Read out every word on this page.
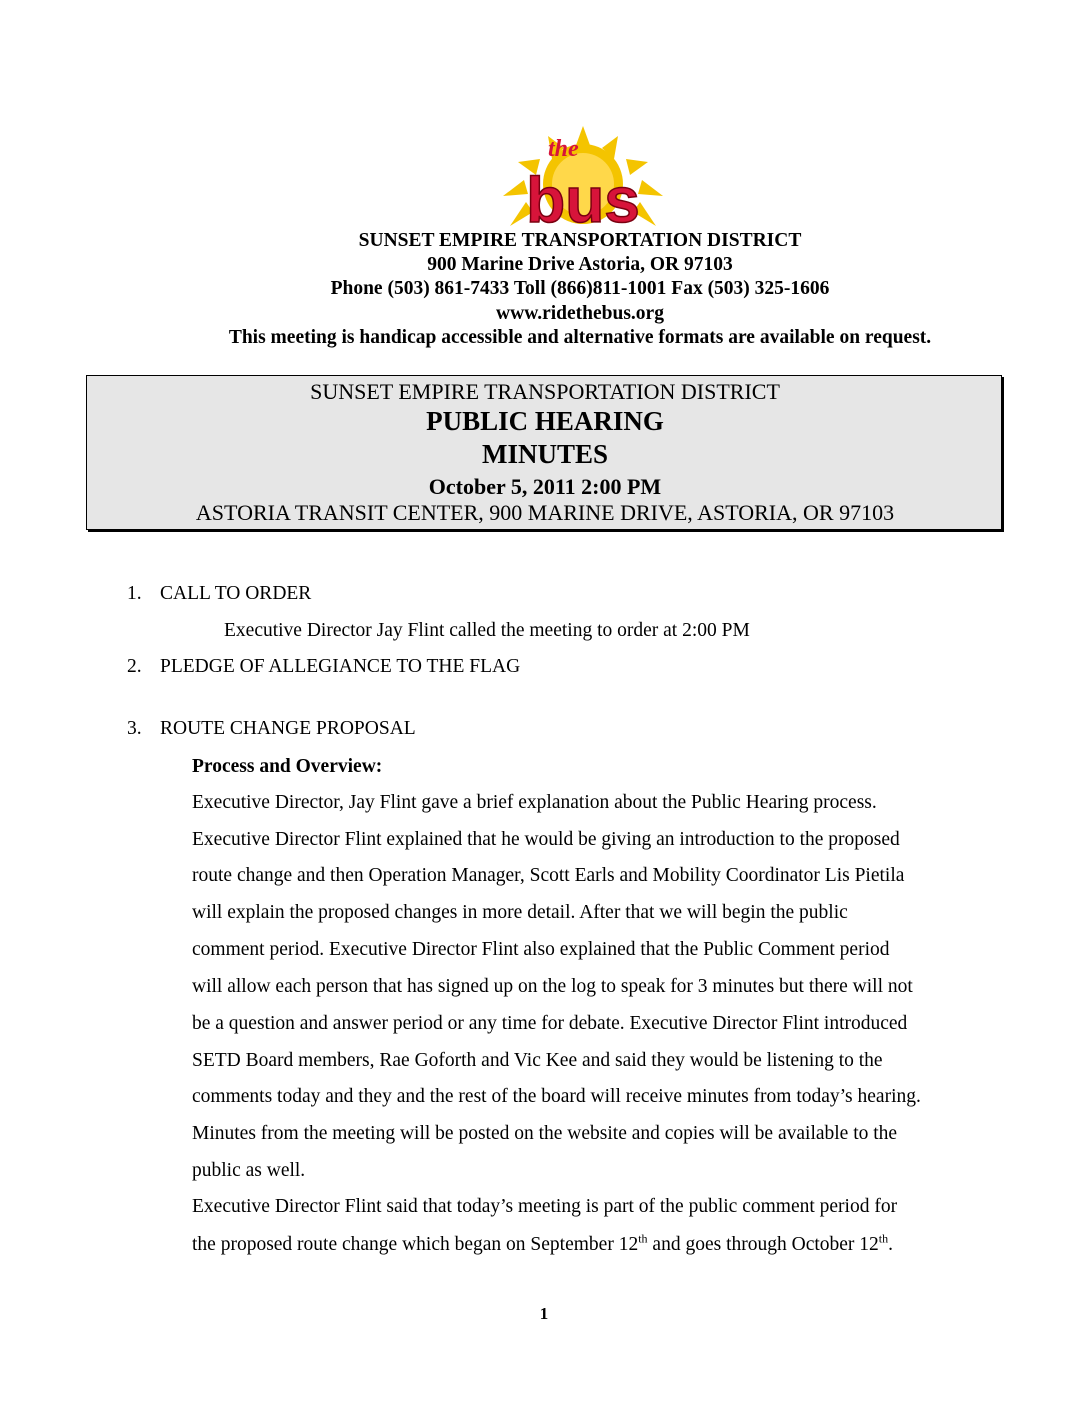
the
bus
SUNSET EMPIRE TRANSPORTATION DISTRICT
900 Marine Drive Astoria, OR 97103
Phone (503) 861-7433 Toll (866)811-1001 Fax (503) 325-1606
www.ridethebus.org
This meeting is handicap accessible and alternative formats are available on request.
SUNSET EMPIRE TRANSPORTATION DISTRICT
PUBLIC HEARING
MINUTES
October 5, 2011 2:00 PM
ASTORIA TRANSIT CENTER, 900 MARINE DRIVE, ASTORIA, OR 97103
1. CALL TO ORDER
Executive Director Jay Flint called the meeting to order at 2:00 PM
2. PLEDGE OF ALLEGIANCE TO THE FLAG
3. ROUTE CHANGE PROPOSAL
Process and Overview:
Executive Director, Jay Flint gave a brief explanation about the Public Hearing process.
Executive Director Flint explained that he would be giving an introduction to the proposed
route change and then Operation Manager, Scott Earls and Mobility Coordinator Lis Pietila
will explain the proposed changes in more detail. After that we will begin the public
comment period. Executive Director Flint also explained that the Public Comment period
will allow each person that has signed up on the log to speak for 3 minutes but there will not
be a question and answer period or any time for debate. Executive Director Flint introduced
SETD Board members, Rae Goforth and Vic Kee and said they would be listening to the
comments today and they and the rest of the board will receive minutes from today’s hearing.
Minutes from the meeting will be posted on the website and copies will be available to the
public as well.
Executive Director Flint said that today’s meeting is part of the public comment period for
the proposed route change which began on September 12th and goes through October 12th.
1
